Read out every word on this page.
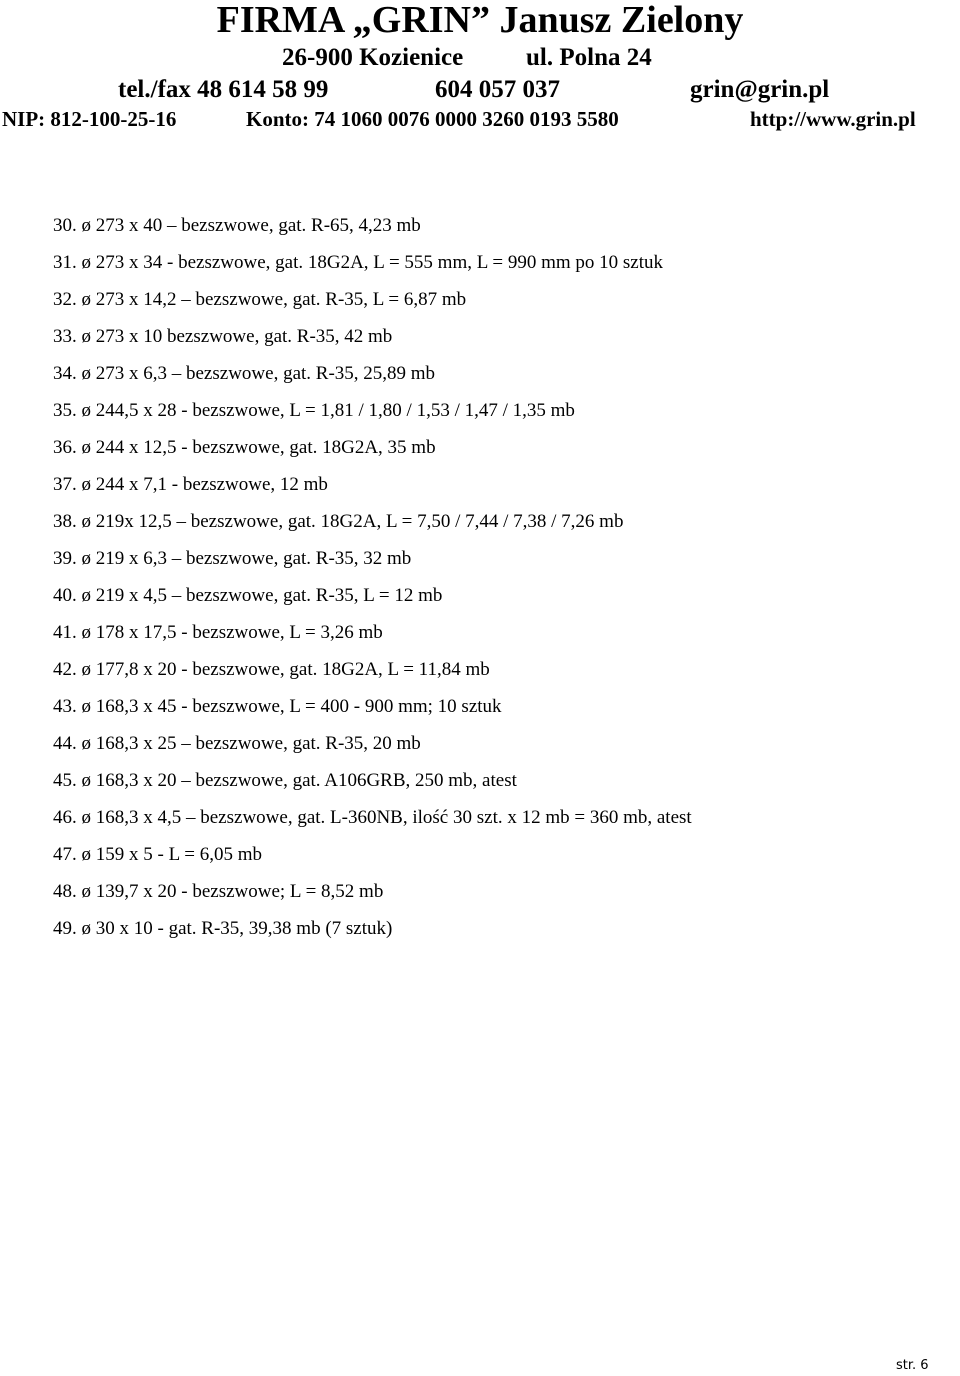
FIRMA „GRIN” Janusz Zielony
26-900 Kozienice	ul. Polna 24
tel./fax 48 614 58 99	604 057 037	grin@grin.pl
NIP: 812-100-25-16	Konto: 74 1060 0076 0000 3260 0193 5580	http://www.grin.pl
30. ø 273 x 40 – bezszwowe, gat. R-65, 4,23 mb
31. ø 273 x 34 - bezszwowe, gat. 18G2A, L = 555 mm, L = 990 mm po 10 sztuk
32. ø 273 x 14,2 – bezszwowe, gat. R-35, L = 6,87 mb
33. ø 273 x 10 bezszwowe, gat. R-35, 42 mb
34. ø 273 x 6,3 – bezszwowe, gat. R-35, 25,89 mb
35. ø 244,5 x 28 - bezszwowe, L = 1,81 / 1,80 / 1,53 / 1,47 / 1,35 mb
36. ø 244 x 12,5 - bezszwowe, gat. 18G2A, 35 mb
37. ø 244 x 7,1 - bezszwowe, 12 mb
38. ø 219x 12,5 – bezszwowe, gat. 18G2A, L = 7,50 / 7,44 / 7,38 / 7,26 mb
39. ø 219 x 6,3 – bezszwowe, gat. R-35, 32 mb
40. ø 219 x 4,5 – bezszwowe, gat. R-35, L = 12 mb
41. ø 178 x 17,5 - bezszwowe, L = 3,26 mb
42. ø 177,8 x 20 - bezszwowe, gat. 18G2A, L = 11,84 mb
43. ø 168,3 x 45 - bezszwowe, L = 400 - 900 mm; 10 sztuk
44. ø 168,3 x 25 – bezszwowe, gat. R-35, 20 mb
45. ø 168,3 x 20 – bezszwowe, gat. A106GRB, 250 mb, atest
46. ø 168,3 x 4,5 – bezszwowe, gat. L-360NB, ilość 30 szt. x 12 mb = 360 mb, atest
47. ø 159 x 5 - L = 6,05 mb
48. ø 139,7 x 20 - bezszwowe; L = 8,52 mb
49. ø 30 x 10 - gat. R-35, 39,38 mb (7 sztuk)
str. 6
